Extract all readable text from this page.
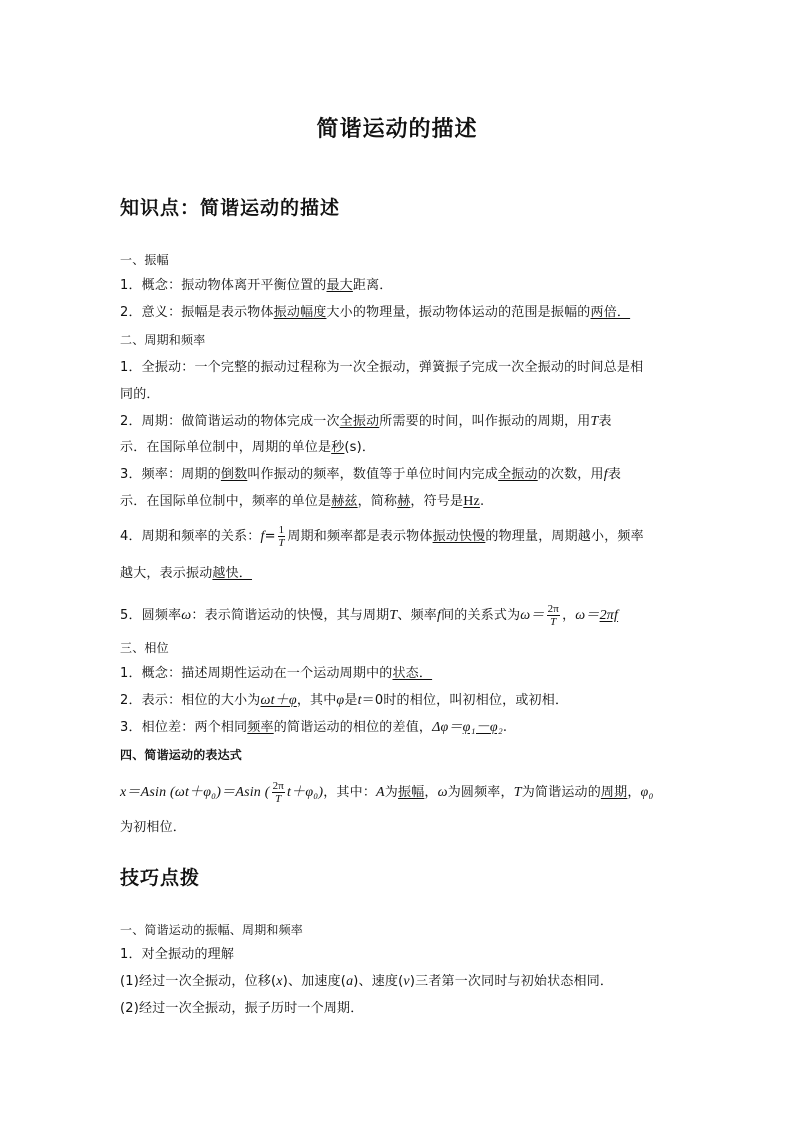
简谐运动的描述
知识点：简谐运动的描述
一、振幅
1．概念：振动物体离开平衡位置的最大距离．
2．意义：振幅是表示物体振动幅度大小的物理量，振动物体运动的范围是振幅的两倍．
二、周期和频率
1．全振动：一个完整的振动过程称为一次全振动，弹簧振子完成一次全振动的时间总是相
同的．
2．周期：做简谐运动的物体完成一次全振动所需要的时间，叫作振动的周期，用T表
示．在国际单位制中，周期的单位是秒(s)．
3．频率：周期的倒数叫作振动的频率，数值等于单位时间内完成全振动的次数，用f表
示．在国际单位制中，频率的单位是赫兹，简称赫，符号是Hz.
4．周期和频率的关系：$f= \frac{1}{T}$ 周期和频率都是表示物体振动快慢的物理量，周期越小，频率
越大，表示振动越快．
5．圆频率ω：表示简谐运动的快慢，其与周期T、频率f间的关系式为$\omega= \frac{2\pi}{T}$ ，ω＝2πf
三、相位
1．概念：描述周期性运动在一个运动周期中的状态．
2．表示：相位的大小为ωt＋φ，其中φ是t＝0时的相位，叫初相位，或初相．
3．相位差：两个相同频率的简谐运动的相位的差值，Δφ＝φ₁－φ₂.
四、简谐运动的表达式
x＝Asin (ωt＋φ₀)＝Asin ( $\frac{2\pi}{T} t+\varphi_0$)，其中：A为振幅，ω为圆频率，T为简谐运动的周期，φ₀
为初相位．
技巧点拨
一、简谐运动的振幅、周期和频率
1．对全振动的理解
(1)经过一次全振动，位移(x)、加速度(a)、速度(v)三者第一次同时与初始状态相同．
(2)经过一次全振动，振子历时一个周期．
